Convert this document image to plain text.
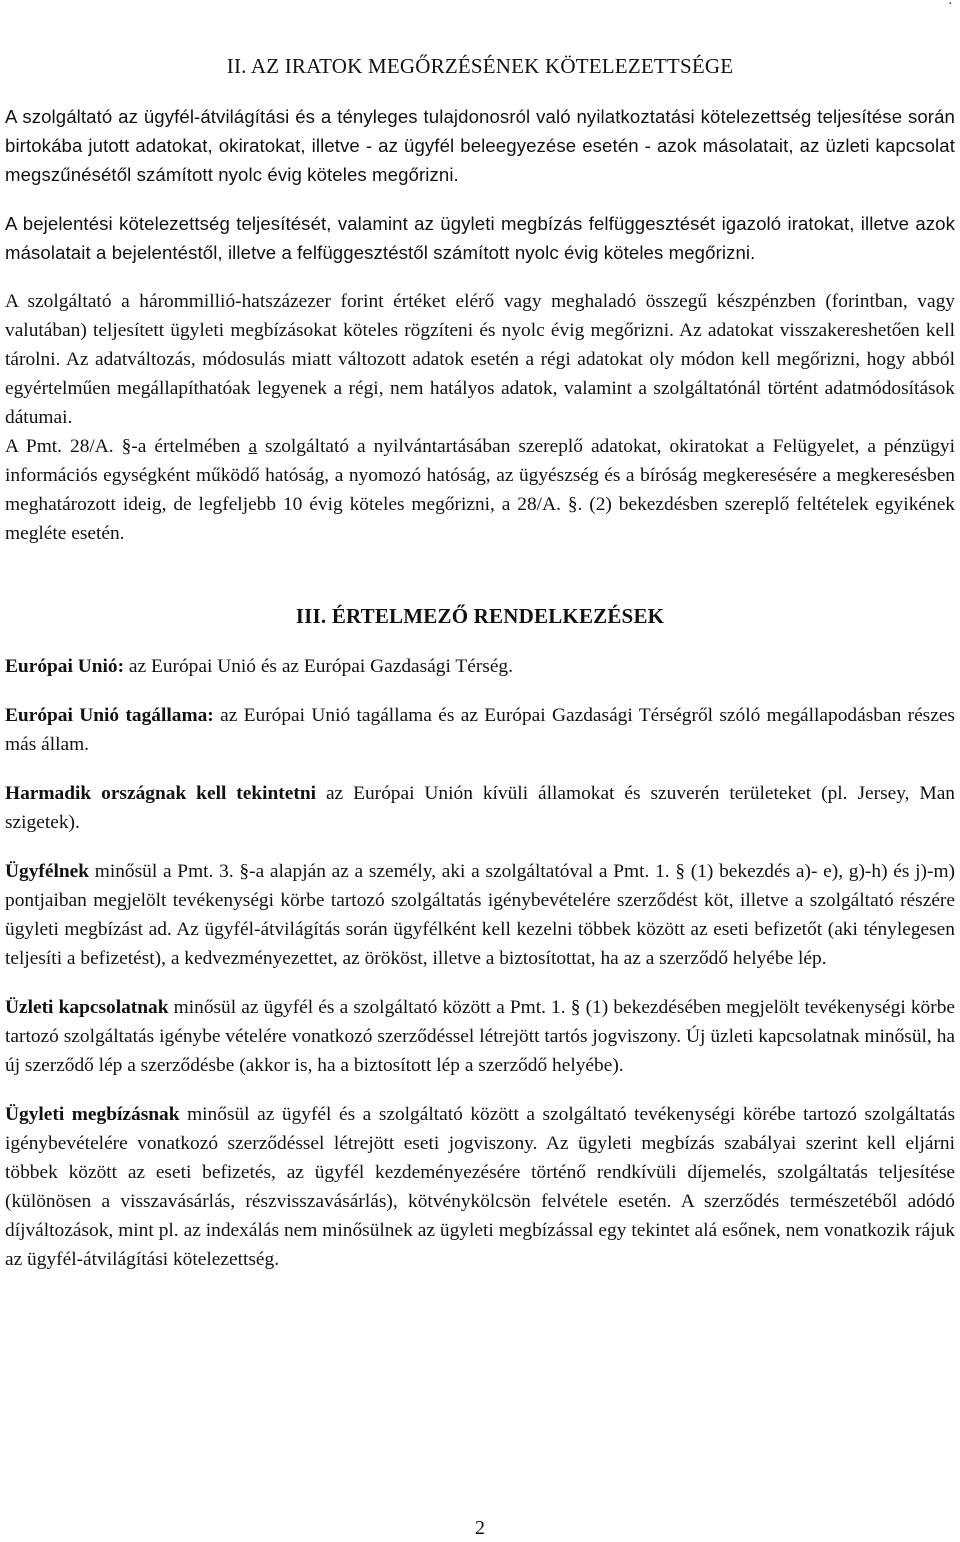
.
II. AZ IRATOK MEGŐRZÉSÉNEK KÖTELEZETTSÉGE

A szolgáltató az ügyfél-átvilágítási és a tényleges tulajdonosról való nyilatkoztatási kötelezettség teljesítése során birtokába jutott adatokat, okiratokat, illetve - az ügyfél beleegyezése esetén - azok másolatait, az üzleti kapcsolat megszűnésétől számított nyolc évig köteles megőrizni.

A bejelentési kötelezettség teljesítését, valamint az ügyleti megbízás felfüggesztését igazoló iratokat, illetve azok másolatait a bejelentéstől, illetve a felfüggesztéstől számított nyolc évig köteles megőrizni.

A szolgáltató a hárommillió-hatszázezer forint értéket elérő vagy meghaladó összegű készpénzben (forintban, vagy valutában) teljesített ügyleti megbízásokat köteles rögzíteni és nyolc évig megőrizni. Az adatokat visszakereshetően kell tárolni. Az adatváltozás, módosulás miatt változott adatok esetén a régi adatokat oly módon kell megőrizni, hogy abból egyértelműen megállapíthatóak legyenek a régi, nem hatályos adatok, valamint a szolgáltatónál történt adatmódosítások dátumai.

A Pmt. 28/A. §-a értelmében a szolgáltató a nyilvántartásában szereplő adatokat, okiratokat a Felügyelet, a pénzügyi információs egységként működő hatóság, a nyomozó hatóság, az ügyészség és a bíróság megkeresésére a megkeresésben meghatározott ideig, de legfeljebb 10 évig köteles megőrizni, a 28/A. §. (2) bekezdésben szereplő feltételek egyikének megléte esetén.

III. ÉRTELMEZŐ RENDELKEZÉSEK

Európai Unió: az Európai Unió és az Európai Gazdasági Térség.

Európai Unió tagállama: az Európai Unió tagállama és az Európai Gazdasági Térségről szóló megállapodásban részes más állam.

Harmadik országnak kell tekintetni az Európai Unión kívüli államokat és szuverén területeket (pl. Jersey, Man szigetek).

Ügyfélnek minősül a Pmt. 3. §-a alapján az a személy, aki a szolgáltatóval a Pmt. 1. § (1) bekezdés a)- e), g)-h) és j)-m) pontjaiban megjelölt tevékenységi körbe tartozó szolgáltatás igénybevételére szerződést köt, illetve a szolgáltató részére ügyleti megbízást ad. Az ügyfél-átvilágítás során ügyfélként kell kezelni többek között az eseti befizetőt (aki ténylegesen teljesíti a befizetést), a kedvezményezettet, az örököst, illetve a biztosítottat, ha az a szerződő helyébe lép.

Üzleti kapcsolatnak minősül az ügyfél és a szolgáltató között a Pmt. 1. § (1) bekezdésében megjelölt tevékenységi körbe tartozó szolgáltatás igénybe vételére vonatkozó szerződéssel létrejött tartós jogviszony. Új üzleti kapcsolatnak minősül, ha új szerződő lép a szerződésbe (akkor is, ha a biztosított lép a szerződő helyébe).

Ügyleti megbízásnak minősül az ügyfél és a szolgáltató között a szolgáltató tevékenységi körébe tartozó szolgáltatás igénybevételére vonatkozó szerződéssel létrejött eseti jogviszony. Az ügyleti megbízás szabályai szerint kell eljárni többek között az eseti befizetés, az ügyfél kezdeményezésére történő rendkívüli díjemelés, szolgáltatás teljesítése (különösen a visszavásárlás, részvisszavásárlás), kötvénykölcsön felvétele esetén. A szerződés természetéből adódó díjváltozások, mint pl. az indexálás nem minősülnek az ügyleti megbízással egy tekintet alá esőnek, nem vonatkozik rájuk az ügyfél-átvilágítási kötelezettség.

2
